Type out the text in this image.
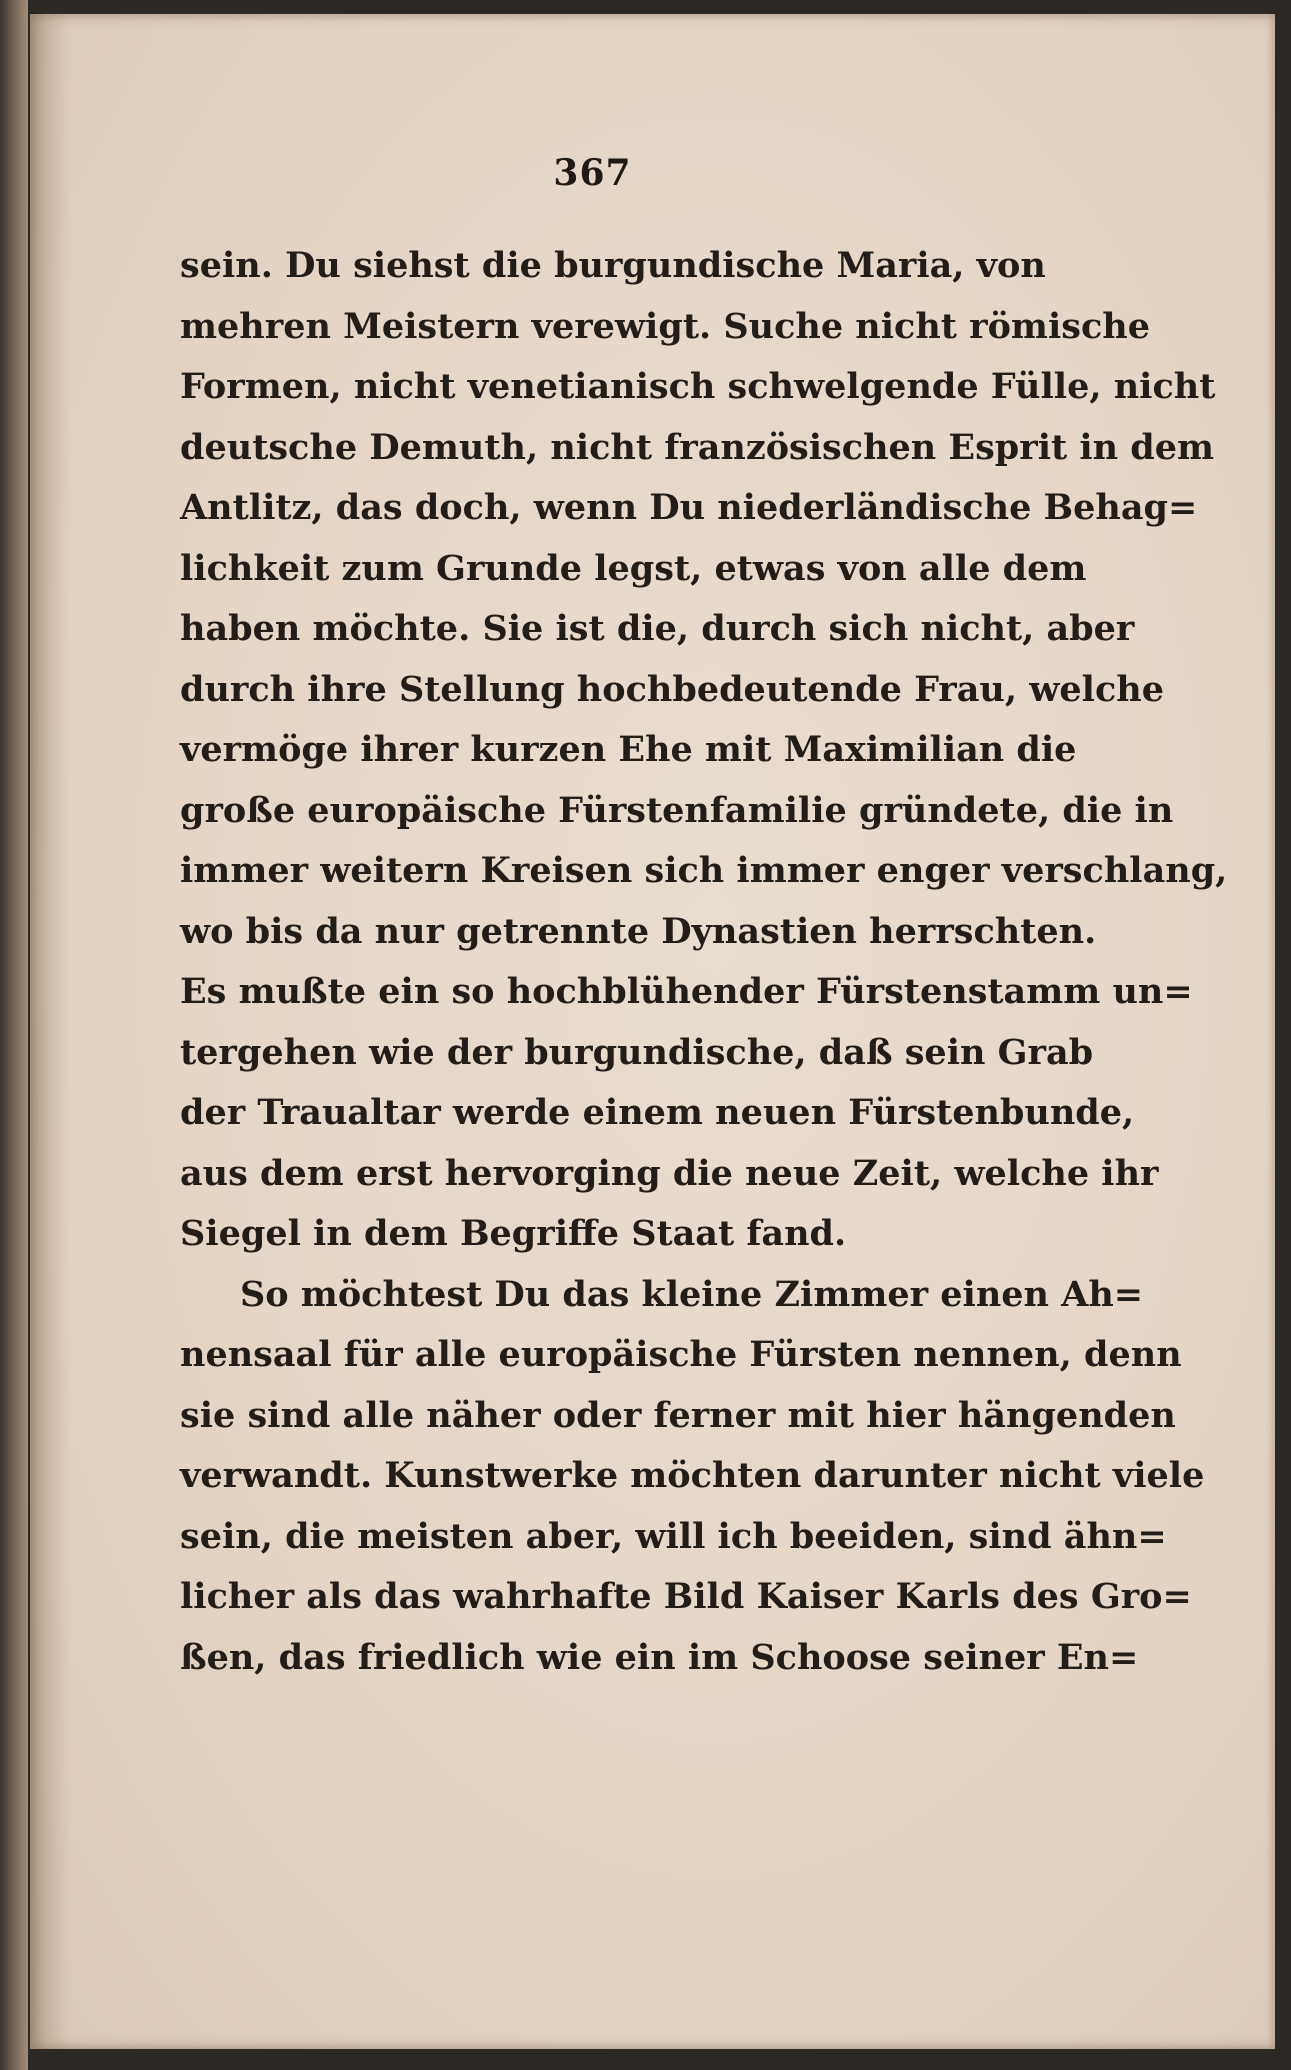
367
sein. Du siehst die burgundische Maria, von
mehren Meistern verewigt. Suche nicht römische
Formen, nicht venetianisch schwelgende Fülle, nicht
deutsche Demuth, nicht französischen Esprit in dem
Antlitz, das doch, wenn Du niederländische Behag=
lichkeit zum Grunde legst, etwas von alle dem
haben möchte. Sie ist die, durch sich nicht, aber
durch ihre Stellung hochbedeutende Frau, welche
vermöge ihrer kurzen Ehe mit Maximilian die
große europäische Fürstenfamilie gründete, die in
immer weitern Kreisen sich immer enger verschlang,
wo bis da nur getrennte Dynastien herrschten.
Es mußte ein so hochblühender Fürstenstamm un=
tergehen wie der burgundische, daß sein Grab
der Traualtar werde einem neuen Fürstenbunde,
aus dem erst hervorging die neue Zeit, welche ihr
Siegel in dem Begriffe Staat fand.
So möchtest Du das kleine Zimmer einen Ah=
nensaal für alle europäische Fürsten nennen, denn
sie sind alle näher oder ferner mit hier hängenden
verwandt. Kunstwerke möchten darunter nicht viele
sein, die meisten aber, will ich beeiden, sind ähn=
licher als das wahrhafte Bild Kaiser Karls des Gro=
ßen, das friedlich wie ein im Schoose seiner En=
